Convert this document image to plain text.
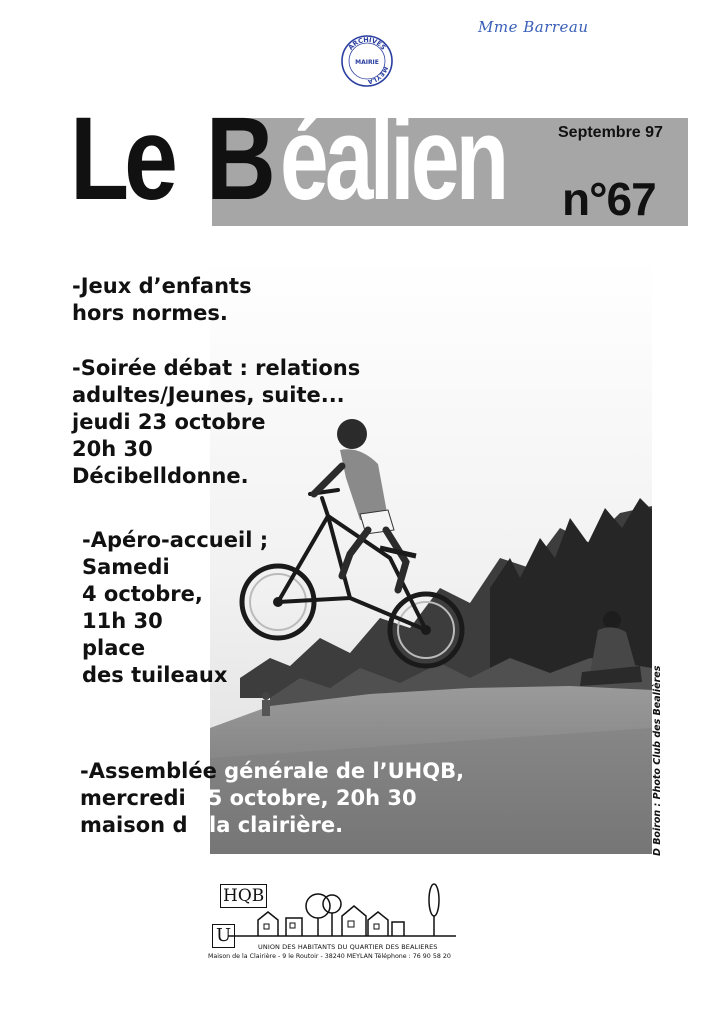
Mme Barreau
ARCHIVES
MEYLA
MAIRIE
Le B éalien	Septembre 97
n°67
-Jeux d’enfants
hors normes.
-Soirée débat : relations
adultes/Jeunes, suite...
jeudi 23 octobre
20h 30
Décibelldonne.
-Apéro-accueil ;
Samedi
4 octobre,
11h 30
place
des tuileaux
-Assemblée générale de l’UHQB,
mercredi 15 octobre, 20h 30
maison de la clairière.	D Boiron : Photo Club des Bealières
HQB
U
UNION DES HABITANTS DU QUARTIER DES BEALIERES
Maison de la Clairière - 9 le Routoir - 38240 MEYLAN Téléphone : 76 90 58 20
